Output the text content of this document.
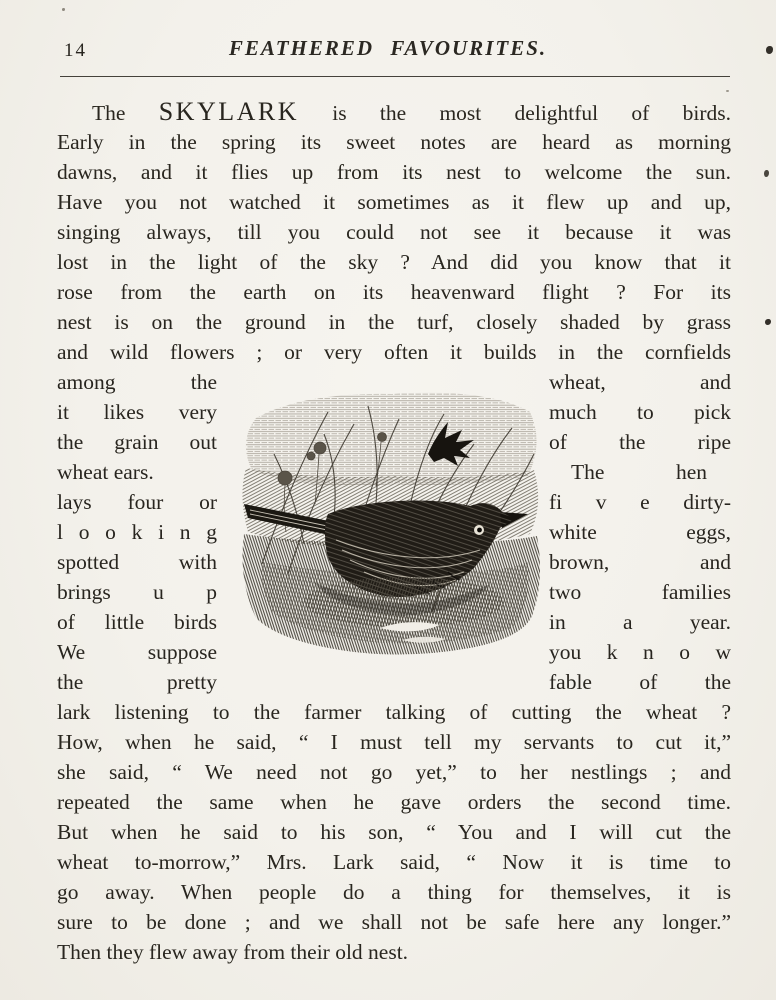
14	FEATHERED FAVOURITES.
The SKYLARK is the most delightful of birds.
Early in the spring its sweet notes are heard as morning
dawns, and it flies up from its nest to welcome the sun.
Have you not watched it sometimes as it flew up and up,
singing always, till you could not see it because it was
lost in the light of the sky ? And did you know that it
rose from the earth on its heavenward flight ? For its
nest is on the ground in the turf, closely shaded by grass
and wild flowers ; or very often it builds in the cornfields
among the	wheat, and
it likes very	much to pick
the grain out	of the ripe
wheat ears.	The hen
lays four or	fi v e dirty-
l o o k i n g	white eggs,
spotted with	brown, and
brings u p	two families
of little birds	in a year.
We suppose	you k n o w
the pretty	fable of the
lark listening to the farmer talking of cutting the wheat ?
How, when he said, “ I must tell my servants to cut it,”
she said, “ We need not go yet,” to her nestlings ; and
repeated the same when he gave orders the second time.
But when he said to his son, “ You and I will cut the
wheat to-morrow,” Mrs. Lark said, “ Now it is time to
go away. When people do a thing for themselves, it is
sure to be done ; and we shall not be safe here any longer.”
Then they flew away from their old nest.
